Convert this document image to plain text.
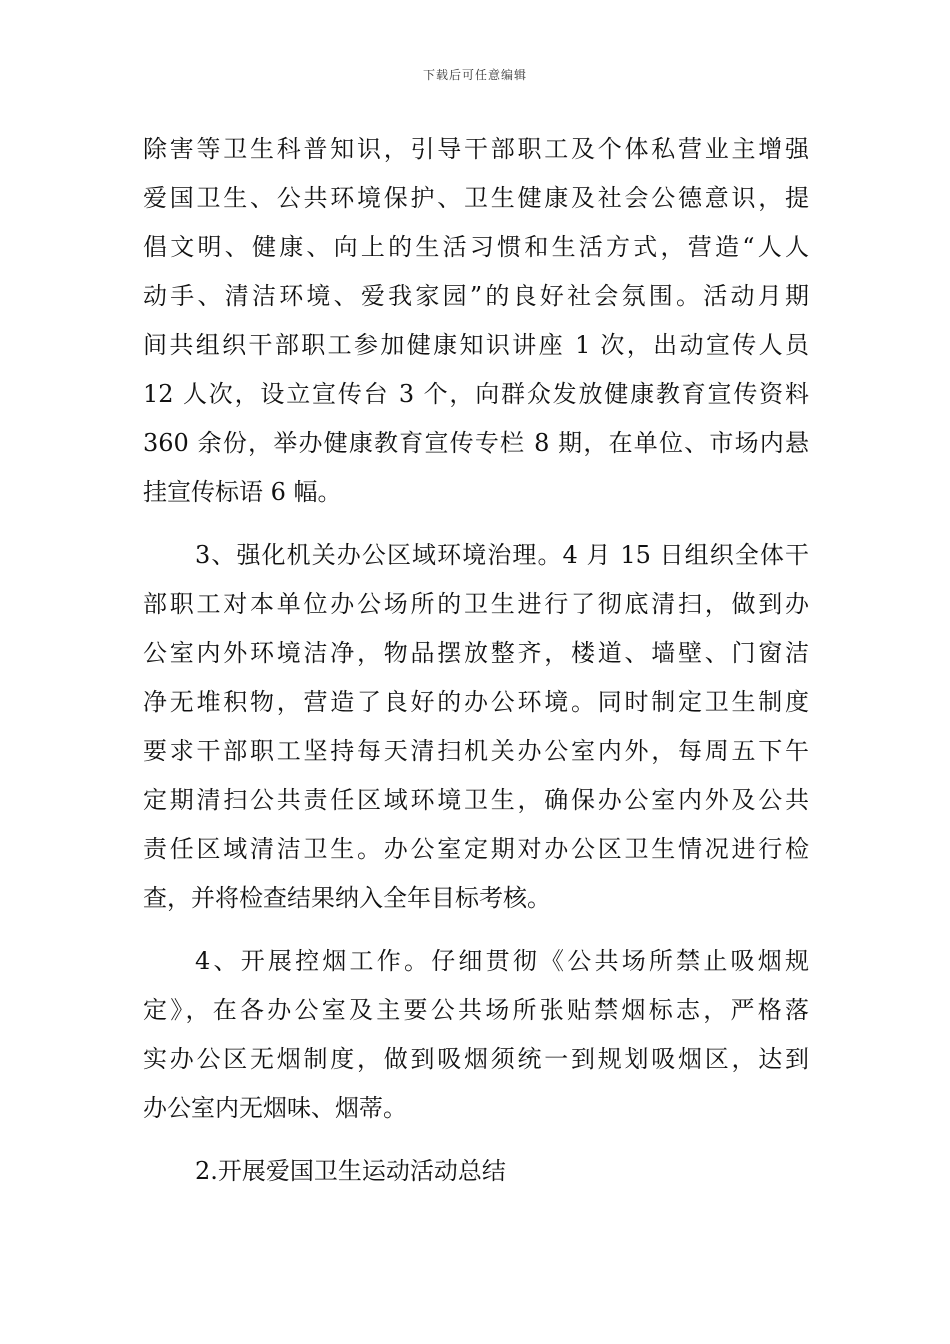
下载后可任意编辑
除害等卫生科普知识，引导干部职工及个体私营业主增强
爱国卫生、公共环境保护、卫生健康及社会公德意识，提
倡文明、健康、向上的生活习惯和生活方式，营造“人人
动手、清洁环境、爱我家园”的良好社会氛围。活动月期
间共组织干部职工参加健康知识讲座 1 次，出动宣传人员
12 人次，设立宣传台 3 个，向群众发放健康教育宣传资料
360 余份，举办健康教育宣传专栏 8 期，在单位、市场内悬
挂宣传标语 6 幅。
3、强化机关办公区域环境治理。4 月 15 日组织全体干
部职工对本单位办公场所的卫生进行了彻底清扫，做到办
公室内外环境洁净，物品摆放整齐，楼道、墙壁、门窗洁
净无堆积物，营造了良好的办公环境。同时制定卫生制度
要求干部职工坚持每天清扫机关办公室内外，每周五下午
定期清扫公共责任区域环境卫生，确保办公室内外及公共
责任区域清洁卫生。办公室定期对办公区卫生情况进行检
查，并将检查结果纳入全年目标考核。
4、开展控烟工作。仔细贯彻《公共场所禁止吸烟规
定》，在各办公室及主要公共场所张贴禁烟标志，严格落
实办公区无烟制度，做到吸烟须统一到规划吸烟区，达到
办公室内无烟味、烟蒂。
2.开展爱国卫生运动活动总结
